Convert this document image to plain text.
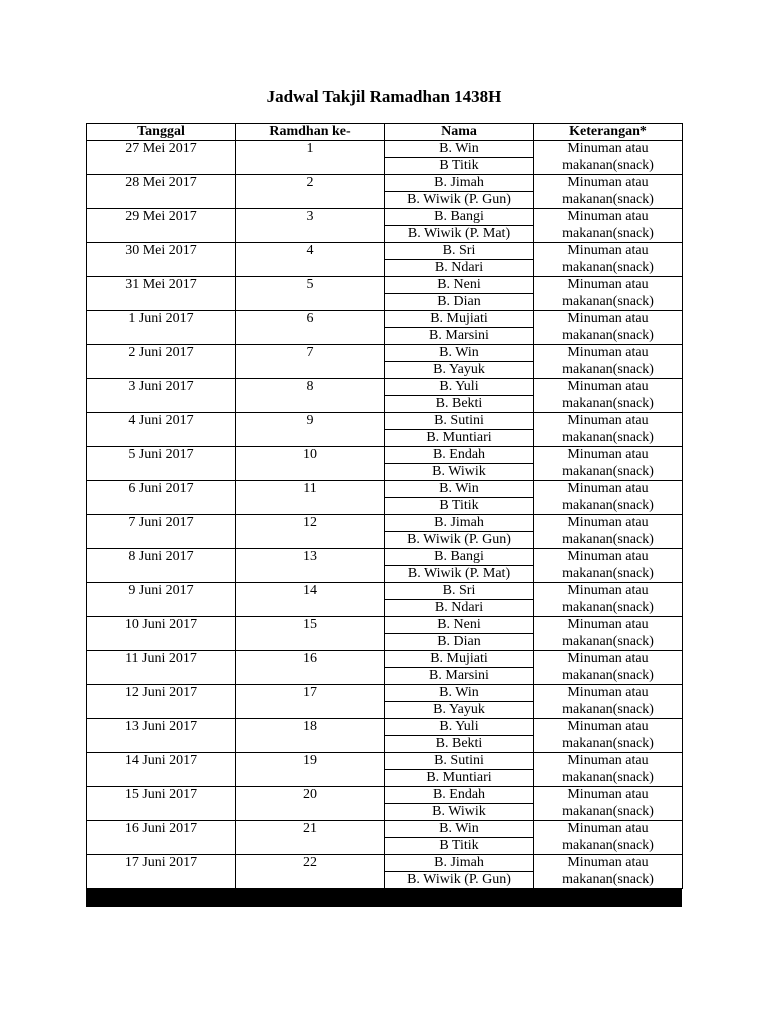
Jadwal Takjil Ramadhan 1438H
Tanggal	Ramdhan ke-	Nama	Keterangan*
27 Mei 2017	1	B. Win	Minuman atau
		B Titik	makanan(snack)
28 Mei 2017	2	B. Jimah	Minuman atau
		B. Wiwik (P. Gun)	makanan(snack)
29 Mei 2017	3	B. Bangi	Minuman atau
		B. Wiwik (P. Mat)	makanan(snack)
30 Mei 2017	4	B. Sri	Minuman atau
		B. Ndari	makanan(snack)
31 Mei 2017	5	B. Neni	Minuman atau
		B. Dian	makanan(snack)
1 Juni 2017	6	B. Mujiati	Minuman atau
		B. Marsini	makanan(snack)
2 Juni 2017	7	B. Win	Minuman atau
		B. Yayuk	makanan(snack)
3 Juni 2017	8	B. Yuli	Minuman atau
		B. Bekti	makanan(snack)
4 Juni 2017	9	B. Sutini	Minuman atau
		B. Muntiari	makanan(snack)
5 Juni 2017	10	B. Endah	Minuman atau
		B. Wiwik	makanan(snack)
6 Juni 2017	11	B. Win	Minuman atau
		B Titik	makanan(snack)
7 Juni 2017	12	B. Jimah	Minuman atau
		B. Wiwik (P. Gun)	makanan(snack)
8 Juni 2017	13	B. Bangi	Minuman atau
		B. Wiwik (P. Mat)	makanan(snack)
9 Juni 2017	14	B. Sri	Minuman atau
		B. Ndari	makanan(snack)
10 Juni 2017	15	B. Neni	Minuman atau
		B. Dian	makanan(snack)
11 Juni 2017	16	B. Mujiati	Minuman atau
		B. Marsini	makanan(snack)
12 Juni 2017	17	B. Win	Minuman atau
		B. Yayuk	makanan(snack)
13 Juni 2017	18	B. Yuli	Minuman atau
		B. Bekti	makanan(snack)
14 Juni 2017	19	B. Sutini	Minuman atau
		B. Muntiari	makanan(snack)
15 Juni 2017	20	B. Endah	Minuman atau
		B. Wiwik	makanan(snack)
16 Juni 2017	21	B. Win	Minuman atau
		B Titik	makanan(snack)
17 Juni 2017	22	B. Jimah	Minuman atau
		B. Wiwik (P. Gun)	makanan(snack)
